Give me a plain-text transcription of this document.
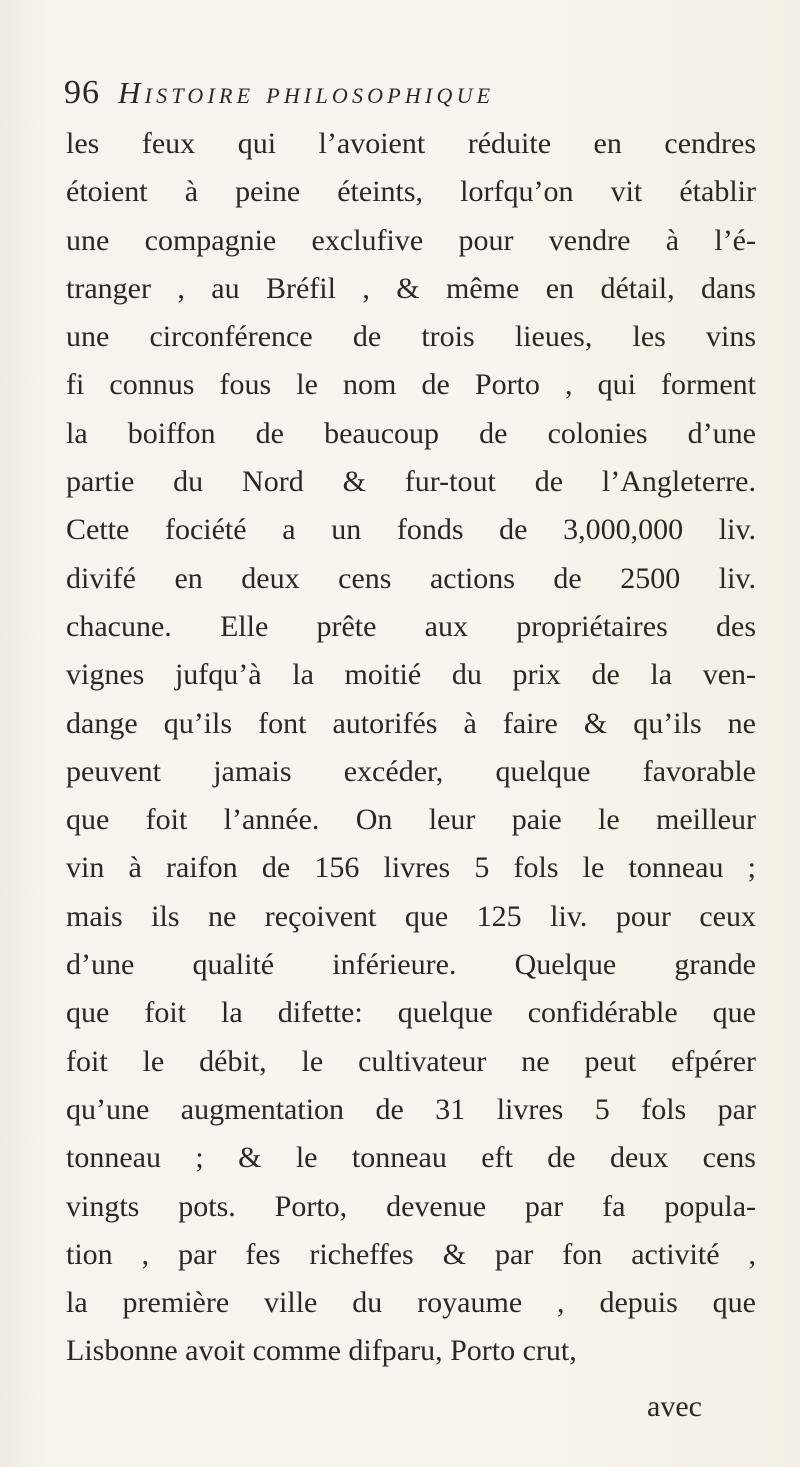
96 Histoire philosophique
les feux qui l’avoient réduite en cendres
étoient à peine éteints, lorfqu’on vit établir
une compagnie exclufive pour vendre à l’é-
tranger , au Bréfil , & même en détail, dans
une circonférence de trois lieues, les vins
fi connus fous le nom de Porto , qui forment
la boiffon de beaucoup de colonies d’une
partie du Nord & fur-tout de l’Angleterre.
Cette fociété a un fonds de 3,000,000 liv.
divifé en deux cens actions de 2500 liv.
chacune. Elle prête aux propriétaires des
vignes jufqu’à la moitié du prix de la ven-
dange qu’ils font autorifés à faire & qu’ils ne
peuvent jamais excéder, quelque favorable
que foit l’année. On leur paie le meilleur
vin à raifon de 156 livres 5 fols le tonneau ;
mais ils ne reçoivent que 125 liv. pour ceux
d’une qualité inférieure. Quelque grande
que foit la difette: quelque confidérable que
foit le débit, le cultivateur ne peut efpérer
qu’une augmentation de 31 livres 5 fols par
tonneau ; & le tonneau eft de deux cens
vingts pots. Porto, devenue par fa popula-
tion , par fes richeffes & par fon activité ,
la première ville du royaume , depuis que
Lisbonne avoit comme difparu, Porto crut,
avec
